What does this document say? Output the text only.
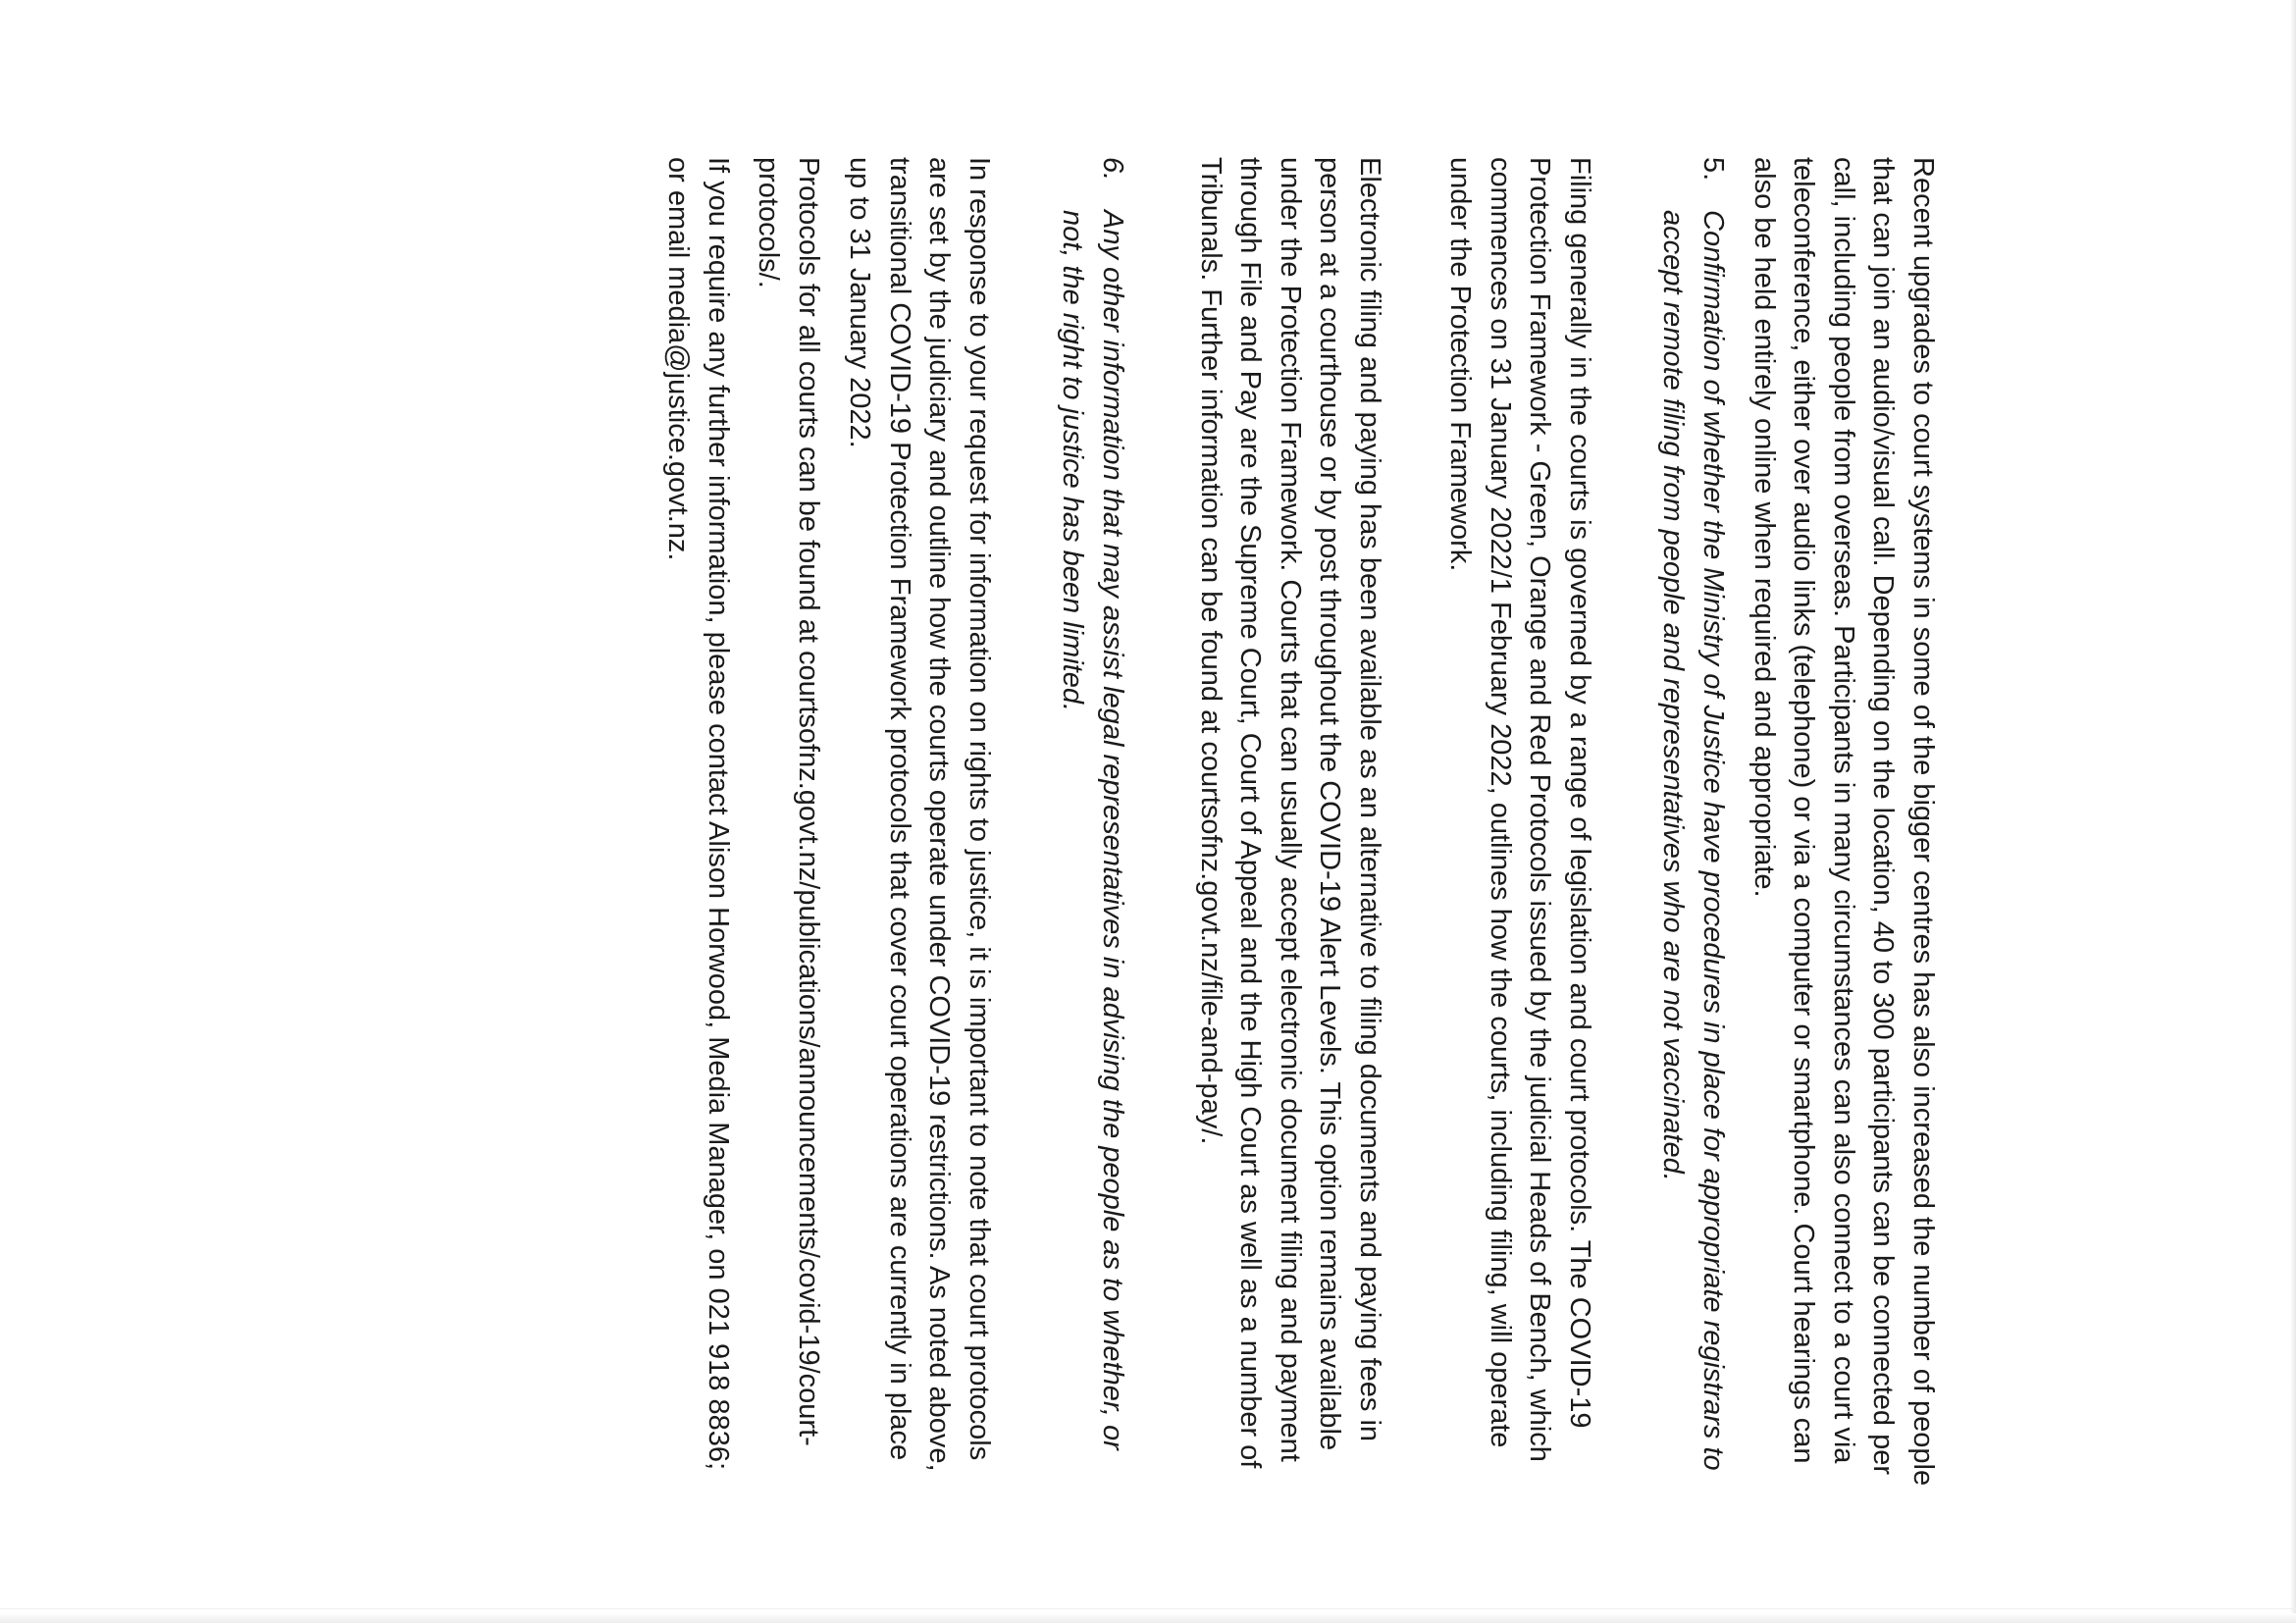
Recent upgrades to court systems in some of the bigger centres has also increased the number of people that can join an audio/visual call. Depending on the location, 40 to 300 participants can be connected per call, including people from overseas. Participants in many circumstances can also connect to a court via teleconference, either over audio links (telephone) or via a computer or smartphone. Court hearings can also be held entirely online when required and appropriate.

5.
Confirmation of whether the Ministry of Justice have procedures in place for appropriate registrars to accept remote filing from people and representatives who are not vaccinated.

Filing generally in the courts is governed by a range of legislation and court protocols. The COVID-19 Protection Framework - Green, Orange and Red Protocols issued by the judicial Heads of Bench, which commences on 31 January 2022/1 February 2022, outlines how the courts, including filing, will operate under the Protection Framework.

Electronic filing and paying has been available as an alternative to filing documents and paying fees in person at a courthouse or by post throughout the COVID-19 Alert Levels. This option remains available under the Protection Framework. Courts that can usually accept electronic document filing and payment through File and Pay are the Supreme Court, Court of Appeal and the High Court as well as a number of Tribunals. Further information can be found at courtsofnz.govt.nz/file-and-pay/.

6.
Any other information that may assist legal representatives in advising the people as to whether, or not, the right to justice has been limited.

In response to your request for information on rights to justice, it is important to note that court protocols are set by the judiciary and outline how the courts operate under COVID-19 restrictions. As noted above, transitional COVID-19 Protection Framework protocols that cover court operations are currently in place up to 31 January 2022.

Protocols for all courts can be found at courtsofnz.govt.nz/publications/announcements/covid-19/court-protocols/.

If you require any further information, please contact Alison Horwood, Media Manager, on 021 918 8836; or email media@justice.govt.nz.
